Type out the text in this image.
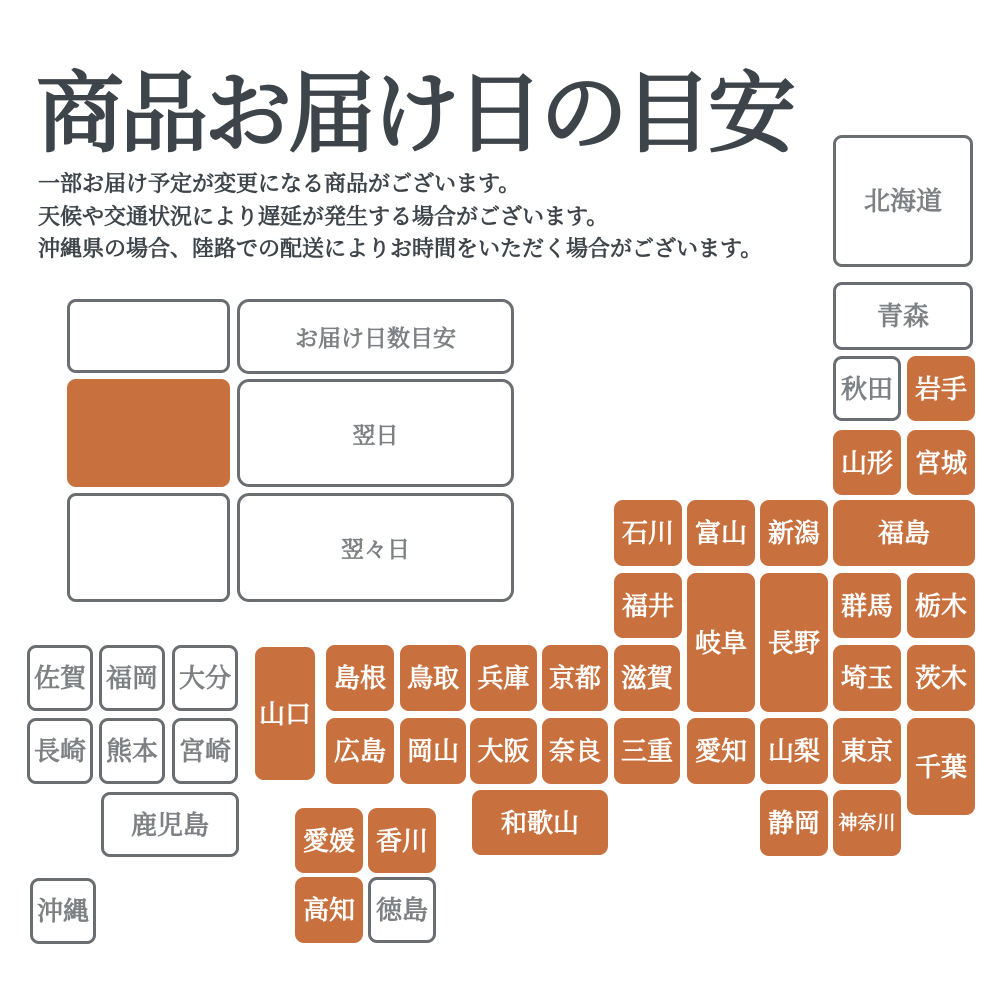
商品お届け日の目安

一部お届け予定が変更になる商品がございます。

天候や交通状況により遅延が発生する場合がございます。

沖縄県の場合、陸路での配送によりお時間をいただく場合がございます。

お届け日数目安
翌日
翌々日
北海道
青森
秋田 岩手
山形 宮城
石川 富山 新潟 福島
福井
岐阜 長野
群馬 栃木
佐賀 福岡 大分
山口
島根 鳥取 兵庫 京都 滋賀	埼玉 茨木
長崎 熊本 宮崎	広島 岡山 大阪 奈良 三重 愛知 山梨 東京
千葉
鹿児島	和歌山	静岡 神奈川
愛媛 香川
高知 徳島
沖縄
